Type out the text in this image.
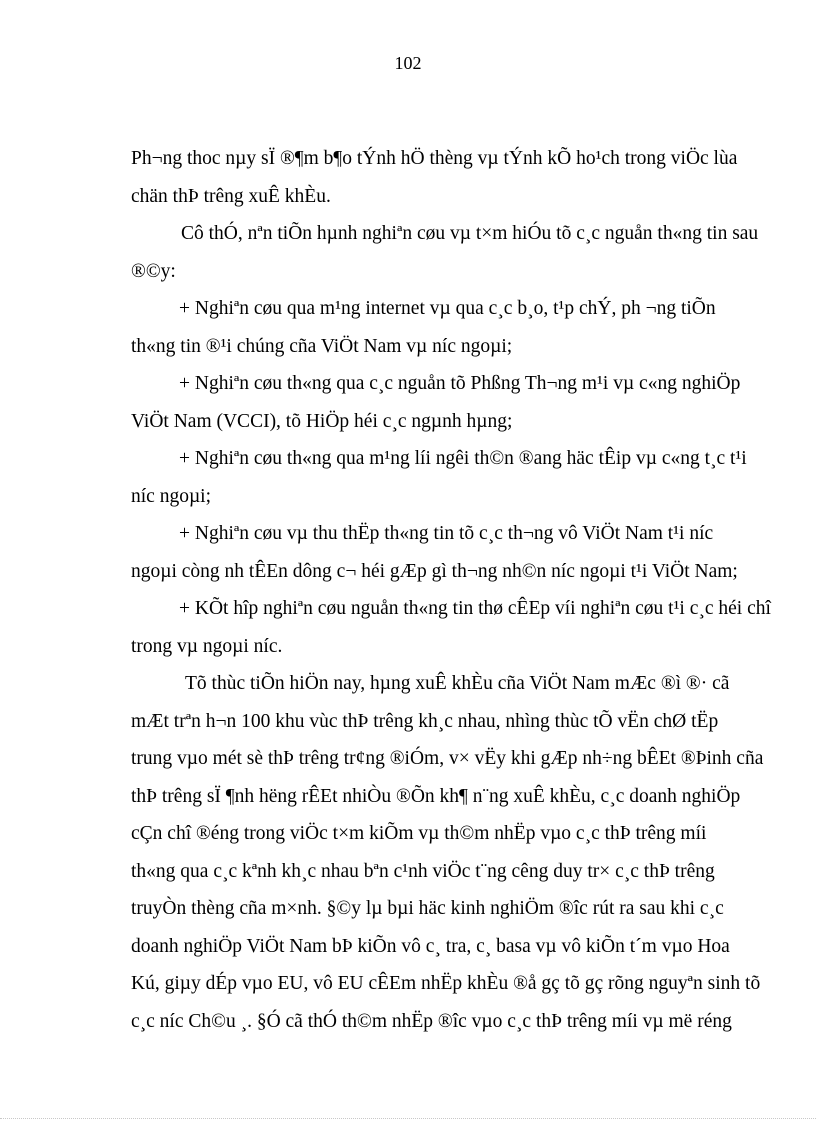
102
Ph¬ng thoc nµy sÏ ®¶m b¶o tÝnh hÖ thèng vµ tÝnh kÕ ho¹ch trong viÖc lùa
chän thÞ trêng xuÊ khÈu.
Cô thÓ, nªn tiÕn hµnh nghiªn cøu vµ t×m hiÓu tõ c¸c nguån th«ng tin sau
®©y:
+ Nghiªn cøu qua m¹ng internet vµ qua c¸c b¸o, t¹p chÝ, ph ¬ng tiÕn
th«ng tin ®¹i chúng cña ViÖt Nam vµ níc ngoµi;
+ Nghiªn cøu th«ng qua c¸c nguån tõ Phßng Th¬ng m¹i vµ c«ng nghiÖp
ViÖt Nam (VCCI), tõ HiÖp héi c¸c ngµnh hµng;
+ Nghiªn cøu th«ng qua m¹ng líi ngêi th©n ®ang häc tÊip vµ c«ng t¸c t¹i
níc ngoµi;
+ Nghiªn cøu vµ thu thËp th«ng tin tõ c¸c th¬ng vô ViÖt Nam t¹i níc
ngoµi còng nh tÊEn dông c¬ héi gÆp gì th¬ng nh©n níc ngoµi t¹i ViÖt Nam;
+ KÕt hîp nghiªn cøu nguån th«ng tin thø cÊEp víi nghiªn cøu t¹i c¸c héi chî
trong vµ ngoµi níc.
Tõ thùc tiÕn hiÖn nay, hµng xuÊ khÈu cña ViÖt Nam mÆc ®ì ®· cã
mÆt trªn h¬n 100 khu vùc thÞ trêng kh¸c nhau, nhìng thùc tÕ vËn chØ tËp
trung vµo mét sè thÞ trêng tr¢ng ®iÓm, v× vËy khi gÆp nh÷ng bÊEt ®Þinh cña
thÞ trêng sÏ ¶nh hëng rÊEt nhiÒu ®Õn kh¶ n¨ng xuÊ khÈu, c¸c doanh nghiÖp
cÇn chî ®éng trong viÖc t×m kiÕm vµ th©m nhËp vµo c¸c thÞ trêng míi
th«ng qua c¸c kªnh kh¸c nhau bªn c¹nh viÖc t¨ng cêng duy tr× c¸c thÞ trêng
truyÒn thèng cña m×nh. §©y lµ bµi häc kinh nghiÖm ®îc rút ra sau khi c¸c
doanh nghiÖp ViÖt Nam bÞ kiÕn vô c¸ tra, c¸ basa vµ vô kiÕn t´m vµo Hoa
Kú, giµy dÉp vµo EU, vô EU cÊEm nhËp khÈu ®å gç tõ gç rõng nguyªn sinh tõ
c¸c níc Ch©u ¸. §Ó cã thÓ th©m nhËp ®îc vµo c¸c thÞ trêng míi vµ më réng
